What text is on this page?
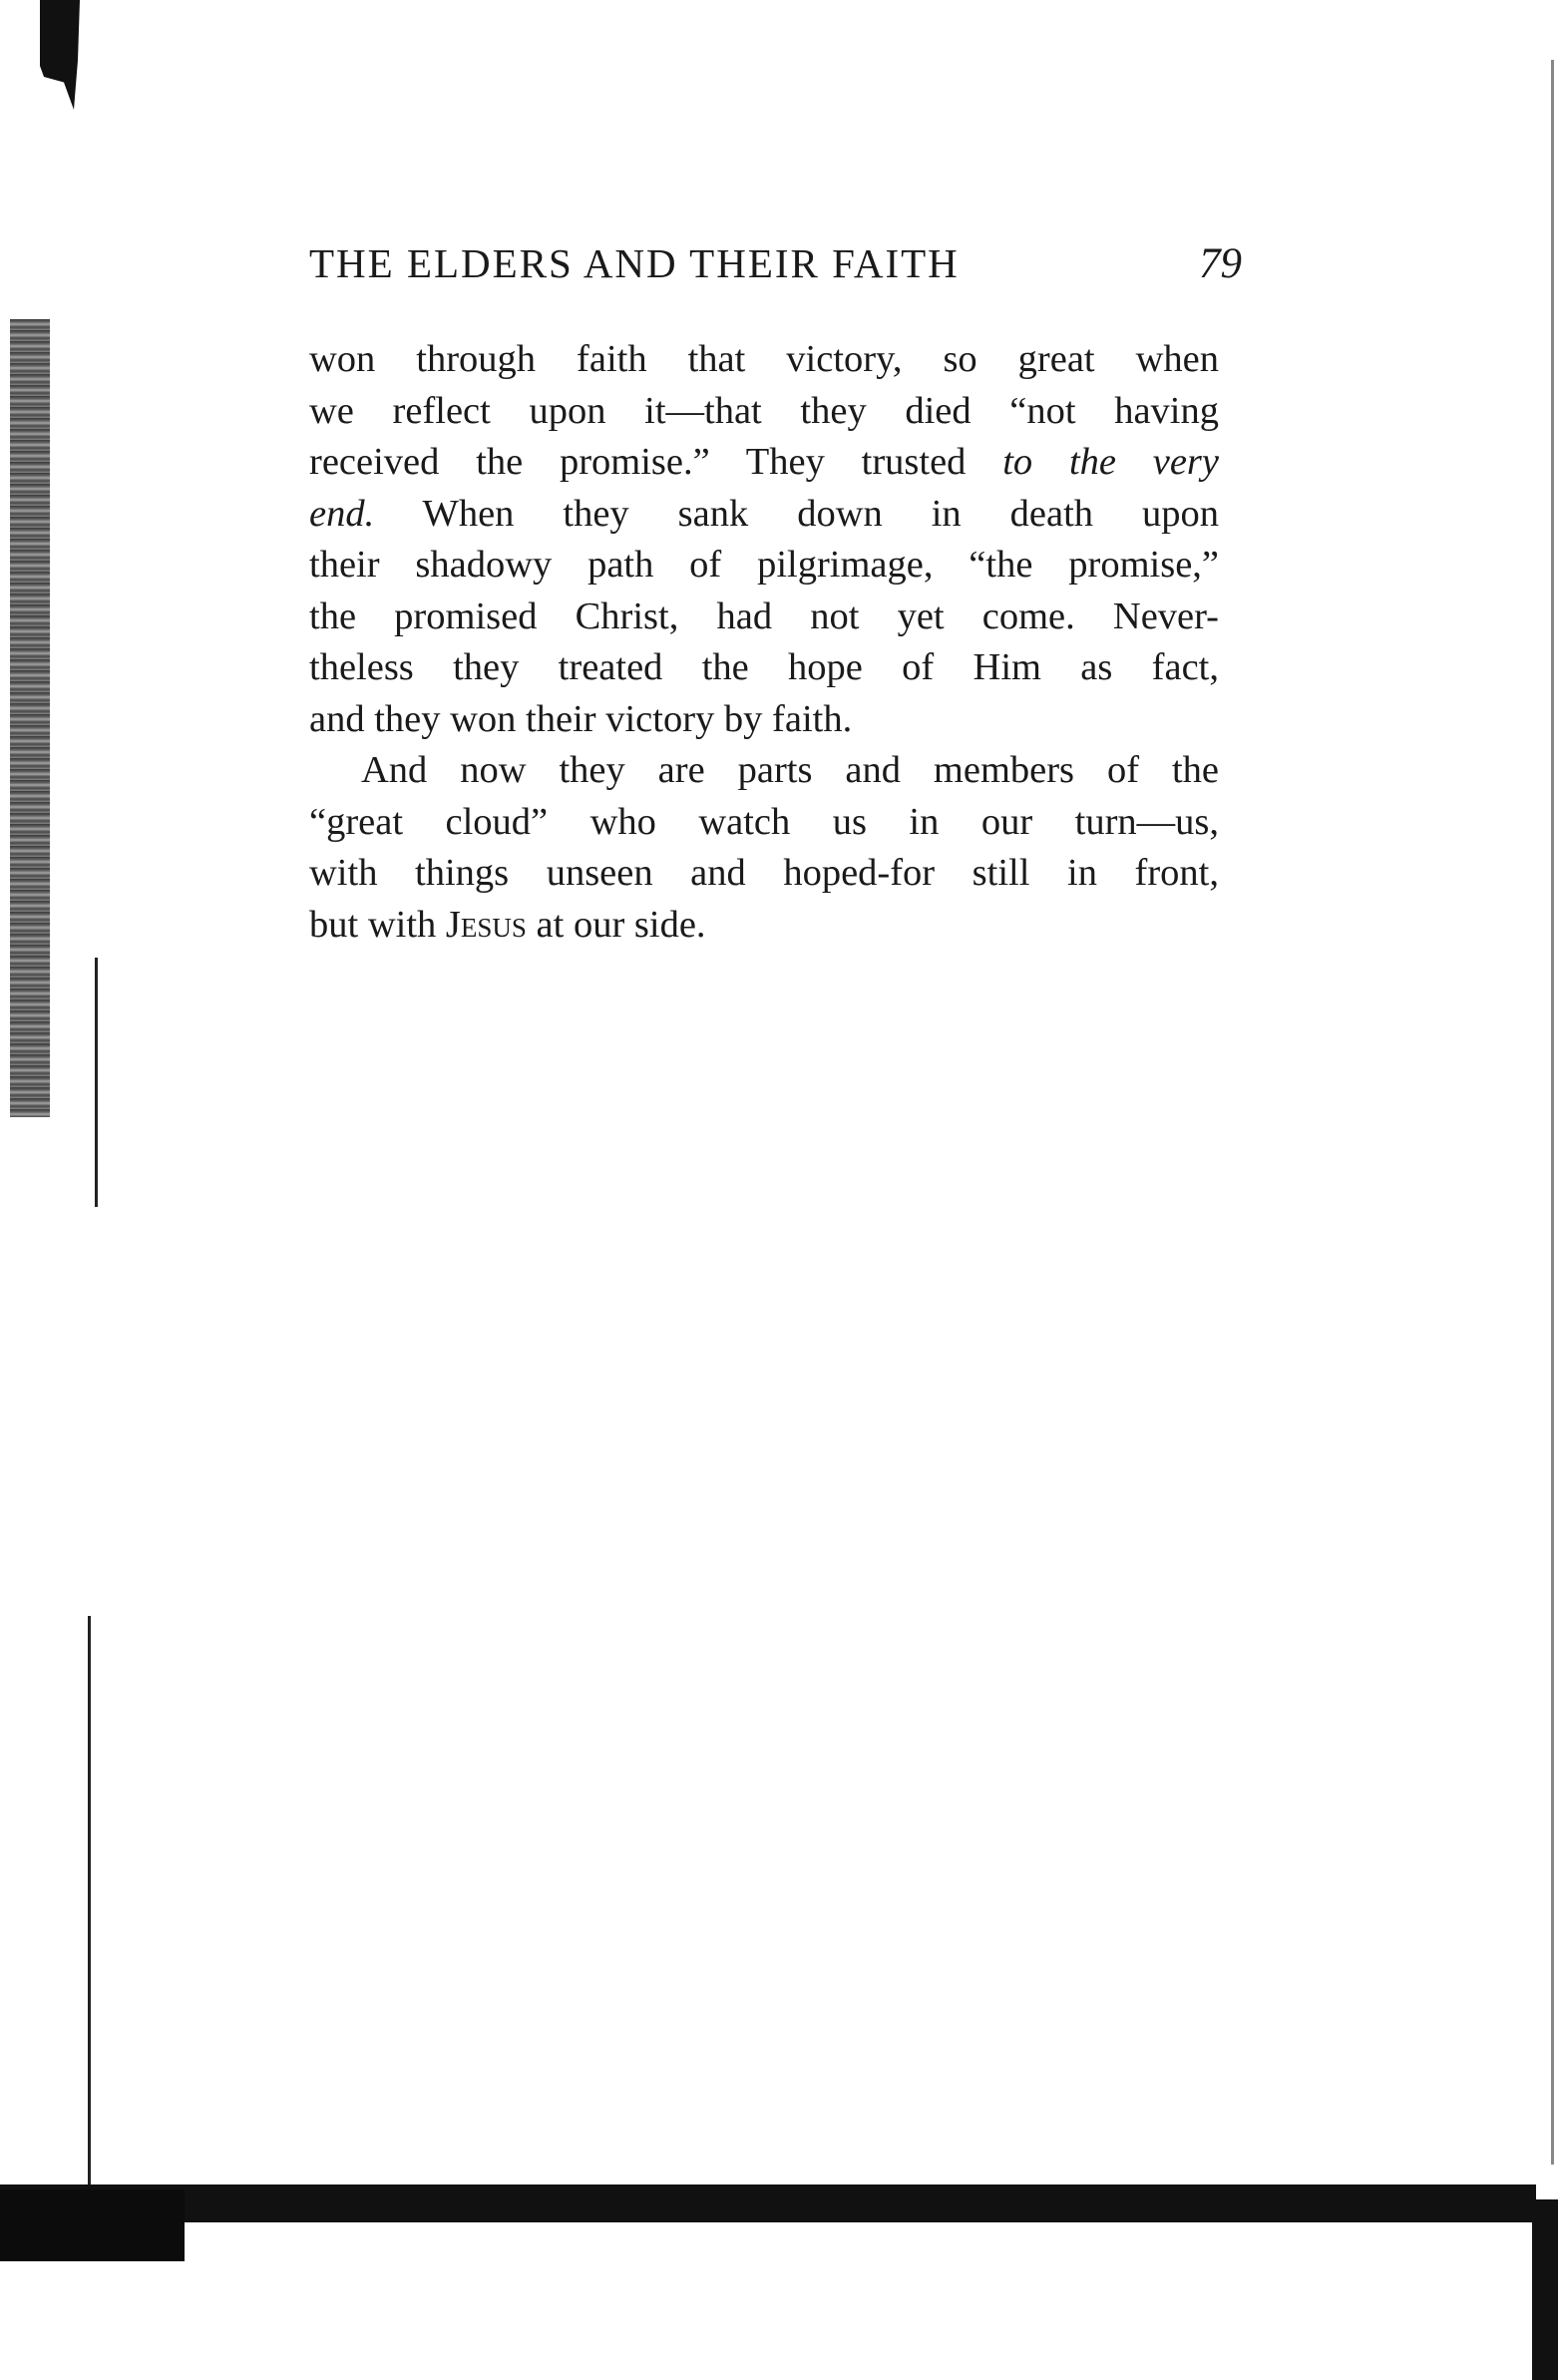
THE ELDERS AND THEIR FAITH	79

won through faith that victory, so great when
we reflect upon it—that they died “not having
received the promise.” They trusted to the very
end. When they sank down in death upon
their shadowy path of pilgrimage, “the promise,”
the promised Christ, had not yet come. Never-
theless they treated the hope of Him as fact,
and they won their victory by faith.

And now they are parts and members of the
“great cloud” who watch us in our turn—us,
with things unseen and hoped-for still in front,
but with Jesus at our side.
